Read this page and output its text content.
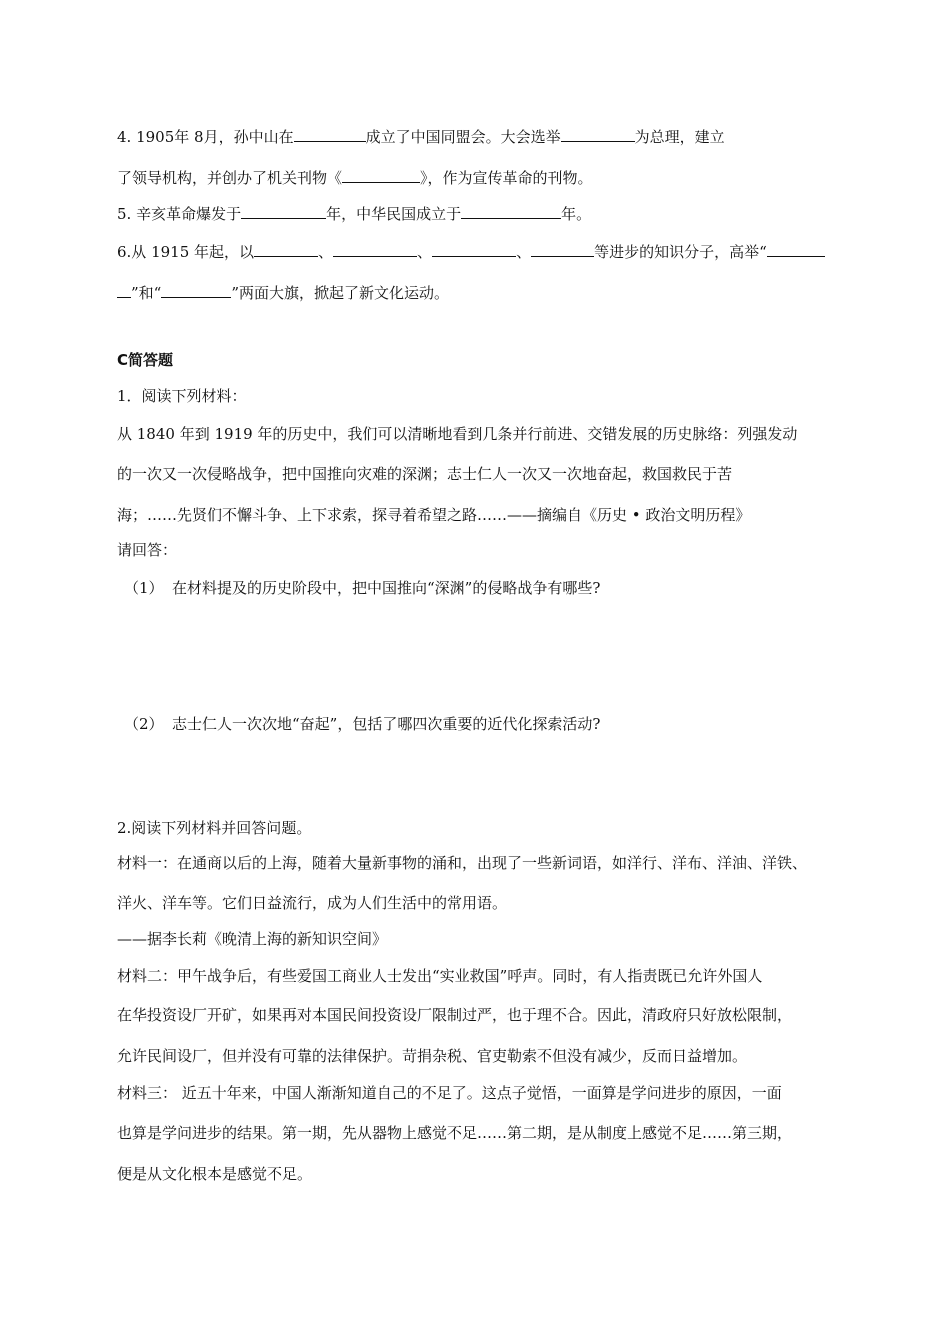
4. 1905年 8月，孙中山在	成立了中国同盟会。大会选举	为总理，建立
了领导机构，并创办了机关刊物《	》，作为宣传革命的刊物。
5. 辛亥革命爆发于	年，中华民国成立于	年。
6.从 1915 年起，以	、	、	、	等进步的知识分子，高举“
”和“	”两面大旗，掀起了新文化运动。
C简答题
1．阅读下列材料：
从 1840 年到 1919 年的历史中，我们可以清晰地看到几条并行前进、交错发展的历史脉络：列强发动
的一次又一次侵略战争，把中国推向灾难的深渊；志士仁人一次又一次地奋起，救国救民于苦
海；……先贤们不懈斗争、上下求索，探寻着希望之路……——摘编自《历史 • 政治文明历程》
请回答：
（1） 在材料提及的历史阶段中，把中国推向“深渊”的侵略战争有哪些?
（2） 志士仁人一次次地“奋起”，包括了哪四次重要的近代化探索活动?
2.阅读下列材料并回答问题。
材料一：在通商以后的上海，随着大量新事物的涌和，出现了一些新词语，如洋行、洋布、洋油、洋铁、
洋火、洋车等。它们日益流行，成为人们生活中的常用语。
——据李长莉《晚清上海的新知识空间》
材料二：甲午战争后，有些爱国工商业人士发出“实业救国”呼声。同时，有人指责既已允许外国人
在华投资设厂开矿，如果再对本国民间投资设厂限制过严，也于理不合。因此，清政府只好放松限制，
允许民间设厂，但并没有可靠的法律保护。苛捐杂税、官吏勒索不但没有减少，反而日益增加。
材料三： 近五十年来，中国人渐渐知道自己的不足了。这点子觉悟，一面算是学问进步的原因，一面
也算是学问进步的结果。第一期，先从器物上感觉不足……第二期，是从制度上感觉不足……第三期，
便是从文化根本是感觉不足。
